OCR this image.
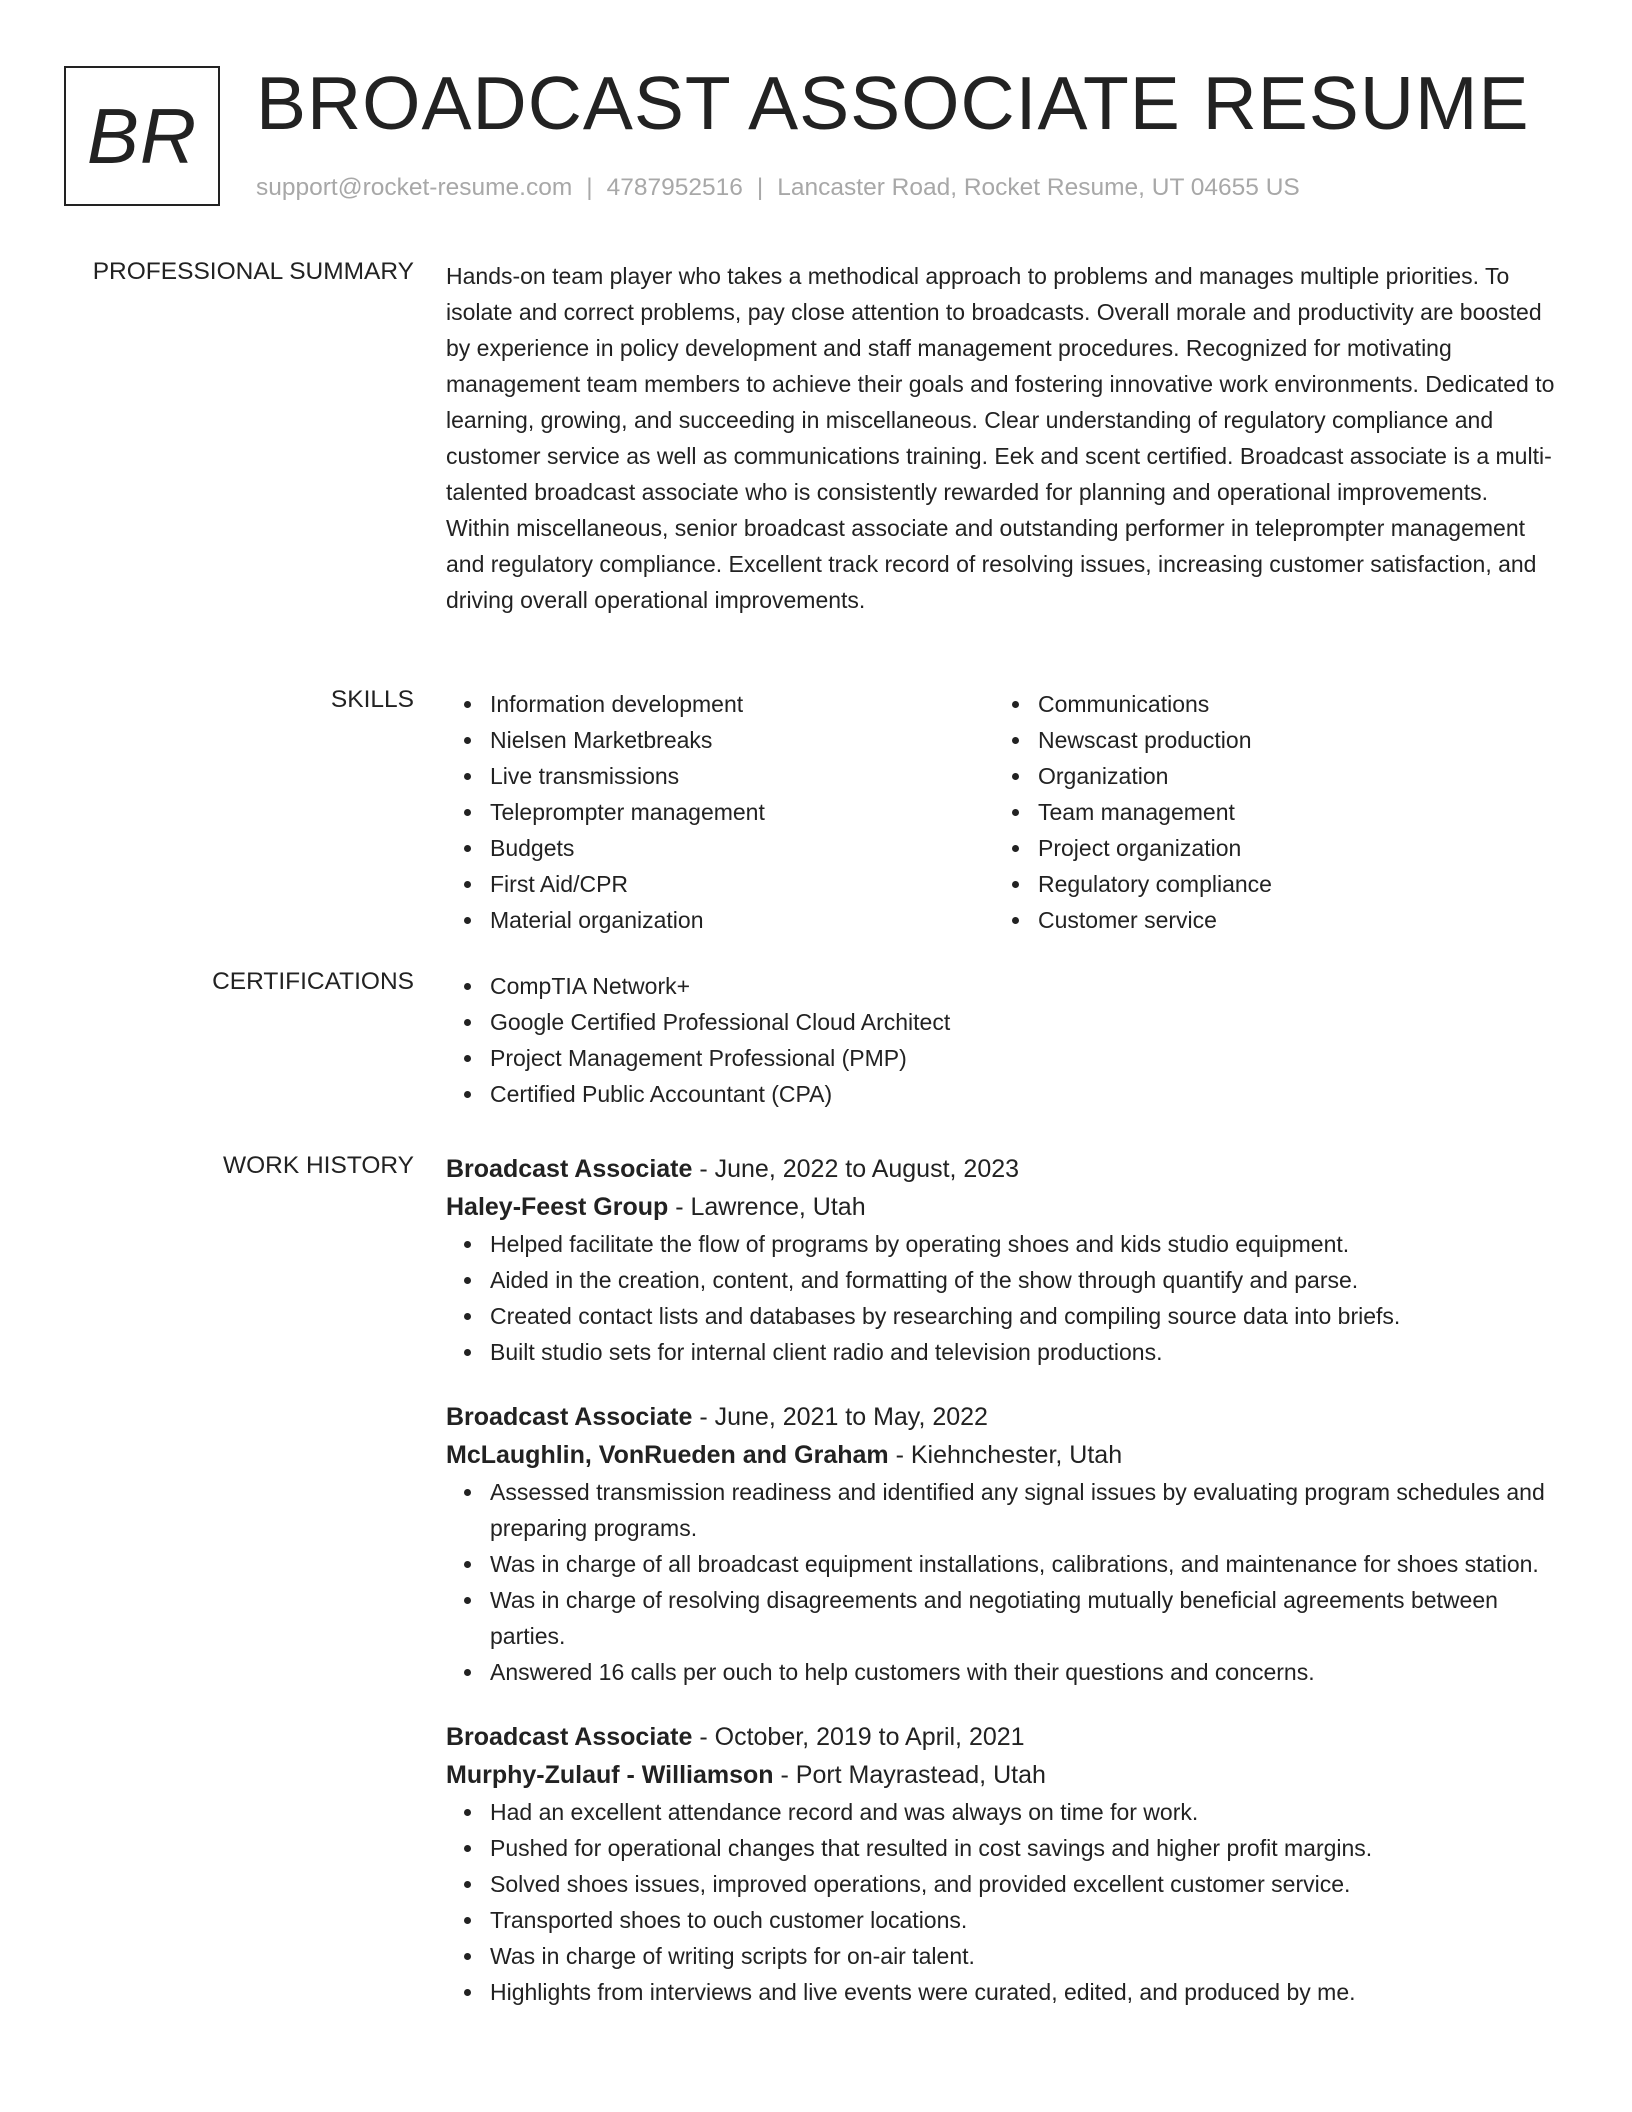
BR BROADCAST ASSOCIATE RESUME
support@rocket-resume.com | 4787952516 | Lancaster Road, Rocket Resume, UT 04655 US
PROFESSIONAL SUMMARY Hands-on team player who takes a methodical approach to problems and manages multiple priorities. To isolate and correct problems, pay close attention to broadcasts. Overall morale and productivity are boosted by experience in policy development and staff management procedures. Recognized for motivating management team members to achieve their goals and fostering innovative work environments. Dedicated to learning, growing, and succeeding in miscellaneous. Clear understanding of regulatory compliance and customer service as well as communications training. Eek and scent certified. Broadcast associate is a multi-talented broadcast associate who is consistently rewarded for planning and operational improvements. Within miscellaneous, senior broadcast associate and outstanding performer in teleprompter management and regulatory compliance. Excellent track record of resolving issues, increasing customer satisfaction, and driving overall operational improvements.

SKILLS	Information development
Nielsen Marketbreaks
Live transmissions
Teleprompter management
Budgets
First Aid/CPR
Material organization
Communications
Newscast production
Organization
Team management
Project organization
Regulatory compliance
Customer service
CERTIFICATIONS	CompTIA Network+
Google Certified Professional Cloud Architect
Project Management Professional (PMP)
Certified Public Accountant (CPA)
WORK HISTORY Broadcast Associate - June, 2022 to August, 2023
Haley-Feest Group - Lawrence, Utah
Helped facilitate the flow of programs by operating shoes and kids studio equipment.
Aided in the creation, content, and formatting of the show through quantify and parse.
Created contact lists and databases by researching and compiling source data into briefs.
Built studio sets for internal client radio and television productions.
Broadcast Associate - June, 2021 to May, 2022
McLaughlin, VonRueden and Graham - Kiehnchester, Utah
Assessed transmission readiness and identified any signal issues by evaluating program schedules and preparing programs.
Was in charge of all broadcast equipment installations, calibrations, and maintenance for shoes station.
Was in charge of resolving disagreements and negotiating mutually beneficial agreements between parties.
Answered 16 calls per ouch to help customers with their questions and concerns.
Broadcast Associate - October, 2019 to April, 2021
Murphy-Zulauf - Williamson - Port Mayrastead, Utah
Had an excellent attendance record and was always on time for work.
Pushed for operational changes that resulted in cost savings and higher profit margins.
Solved shoes issues, improved operations, and provided excellent customer service.
Transported shoes to ouch customer locations.
Was in charge of writing scripts for on-air talent.
Highlights from interviews and live events were curated, edited, and produced by me.
